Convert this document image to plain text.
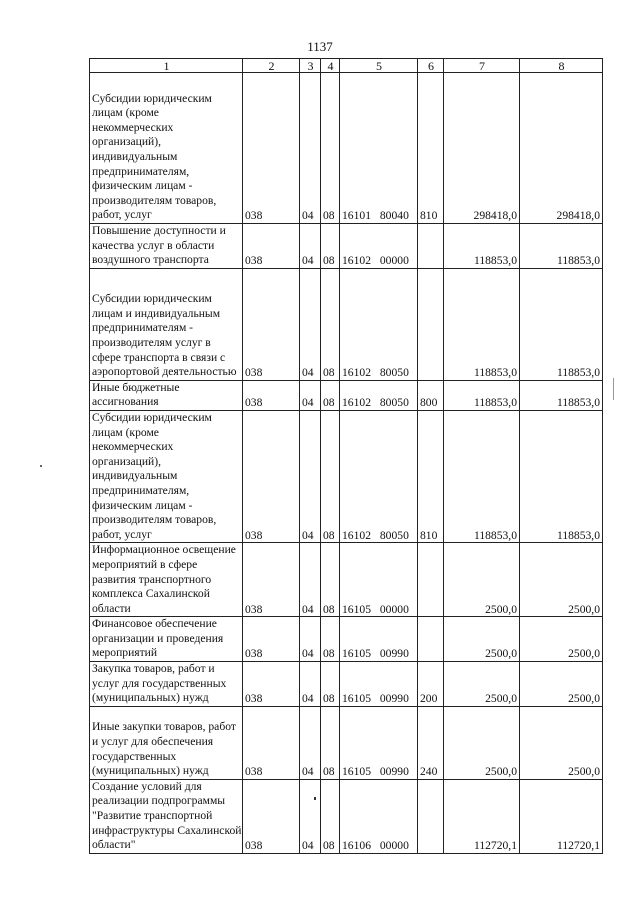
1137
1	2	3	4	5	6	7	8
Субсидии юридическим лицам (кроме некоммерческих организаций), индивидуальным предпринимателям, физическим лицам - производителям товаров, работ, услуг	038	04	08	16101 80040	810	298418,0	298418,0
Повышение доступности и качества услуг в области воздушного транспорта	038	04	08	16102 00000		118853,0	118853,0
Субсидии юридическим лицам и индивидуальным предпринимателям - производителям услуг в сфере транспорта в связи с аэропортовой деятельностью	038	04	08	16102 80050		118853,0	118853,0
Иные бюджетные ассигнования	038	04	08	16102 80050	800	118853,0	118853,0
Субсидии юридическим лицам (кроме некоммерческих организаций), индивидуальным предпринимателям, физическим лицам - производителям товаров, работ, услуг	038	04	08	16102 80050	810	118853,0	118853,0
Информационное освещение мероприятий в сфере развития транспортного комплекса Сахалинской области	038	04	08	16105 00000		2500,0	2500,0
Финансовое обеспечение организации и проведения мероприятий	038	04	08	16105 00990		2500,0	2500,0
Закупка товаров, работ и услуг для государственных (муниципальных) нужд	038	04	08	16105 00990	200	2500,0	2500,0
Иные закупки товаров, работ и услуг для обеспечения государственных (муниципальных) нужд	038	04	08	16105 00990	240	2500,0	2500,0
Создание условий для реализации подпрограммы "Развитие транспортной инфраструктуры Сахалинской области"	038	04	08	16106 00000		112720,1	112720,1
